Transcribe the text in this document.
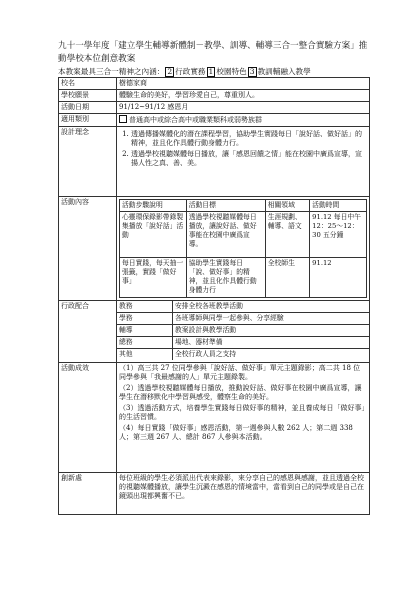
九十一學年度「建立學生輔導新體制－教學、訓導、輔導三合一整合實驗方案」推動學校本位創意教案
本教案最具三合一精神之內涵： 2 行政實務 1 校園特色 3 教訓輔融入教學
校名	樹德家商
學校願景	體驗生命的美好，學習珍愛自己，尊重別人。
活動日期	91/12~91/12 感恩月
適用類別	普通高中或綜合高中或職業類科或弱勢族群
設計理念	
1.透過傳播媒體化的潛在課程學習，協助學生實踐每日「說好話、做好話」的精神，並且化作具體行動身體力行。
2. 透過學校視聽媒體每日播放，讓「感恩回饋之情」能在校園中廣爲宣導，宣揚人性之真、善、美。

活動內容		活動步驟說明	活動目標	相關領域	活動時間
心靈環保錄影帶錄製集播放「說好話」活動	透過學校視聽媒體每日播放，讓說好話、做好事能在校園中廣爲宣導。	生涯規劃、輔導、語文	91.12 每日中午 12：25～12：30 五分鐘
每日實踐，每天抽一張籤，實踐「做好事」	協助學生實踐每日「說、做好事」的精神，並且化作具體行動身體力行	全校師生	91.12

行政配合		教務	安排全校各班教學活動
學務	各班導師與同學一起參與、分享經驗
輔導	教案設計與教學活動
總務	場地、器材準備
其他	全校行政人員之支持

活動成效	（1）高三共 27 位同學參與「說好話、做好事」單元主題錄影；高二共 18 位同學參與「我最感謝的人」單元主題錄製。
（2）透過學校視聽媒體每日播放，推動說好話、做好事在校園中廣爲宣導，讓學生在潛移默化中學習與感受，體察生命的美好。
（3）透過活動方式，培養學生實踐每日做好事的精神，並且養成每日「做好事」的生活習慣。
（4）每日實踐「做好事」感恩活動，第一週參與人數 262 人；第二週 338 人；第三週 267 人、總計 867 人參與本活動。

創新處	每位班級的學生必須派出代表來錄影，來分享自己的感恩與感謝，並且透過全校的視聽媒體播放，讓學生沉澱在感恩的情境當中，當看到自己的同學或是自己在鏡頭出現都興奮不已。
